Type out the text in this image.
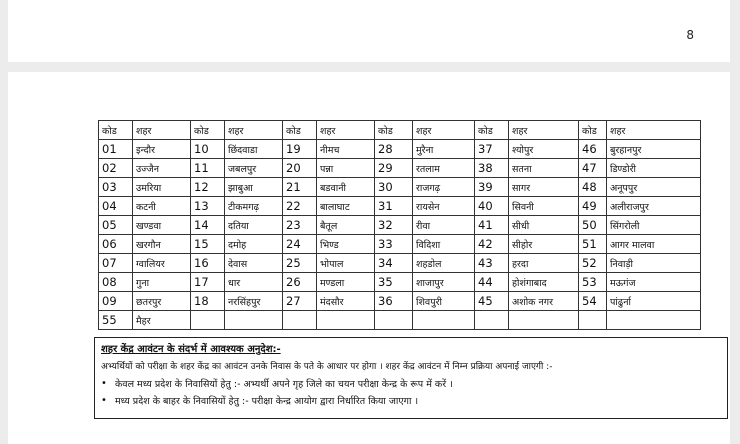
8
कोड	शहर	कोड	शहर	कोड	शहर	कोड	शहर	कोड	शहर	कोड	शहर
01	इन्दौर	10	छिंदवाडा	19	नीमच	28	मुरैना	37	श्योपुर	46	बुरहानपुर
02	उज्जैन	11	जबलपुर	20	पन्ना	29	रतलाम	38	सतना	47	डिण्डोरी
03	उमरिया	12	झाबुआ	21	बडवानी	30	राजगढ़	39	सागर	48	अनूपपुर
04	कटनी	13	टीकमगढ़	22	बालाघाट	31	रायसेन	40	सिवनी	49	अलीराजपुर
05	खण्डवा	14	दतिया	23	बैतूल	32	रीवा	41	सीधी	50	सिंगरोली
06	खरगौन	15	दमोह	24	भिण्ड	33	विदिशा	42	सीहोर	51	आगर मालवा
07	ग्वालियर	16	देवास	25	भोपाल	34	शहडोल	43	हरदा	52	निवाड़ी
08	गुना	17	धार	26	मण्डला	35	शाजापुर	44	होशंगाबाद	53	मऊगंज
09	छतरपुर	18	नरसिंहपुर	27	मंदसौर	36	शिवपुरी	45	अशोक नगर	54	पांढुर्ना
55	मैहर										
शहर केंद्र आवंटन के संदर्भ में आवश्यक अनुदेश:-
अभ्यर्थियों को परीक्षा के शहर केंद्र का आवंटन उनके निवास के पते के आधार पर होगा । शहर केंद्र आवंटन में निम्न प्रक्रिया अपनाई जाएगी :-
• केवल मध्य प्रदेश के निवासियों हेतु :- अभ्यर्थी अपने गृह जिले का चयन परीक्षा केन्द्र के रूप में करें ।
• मध्य प्रदेश के बाहर के निवासियों हेतु :- परीक्षा केन्द्र आयोग द्वारा निर्धारित किया जाएगा ।
